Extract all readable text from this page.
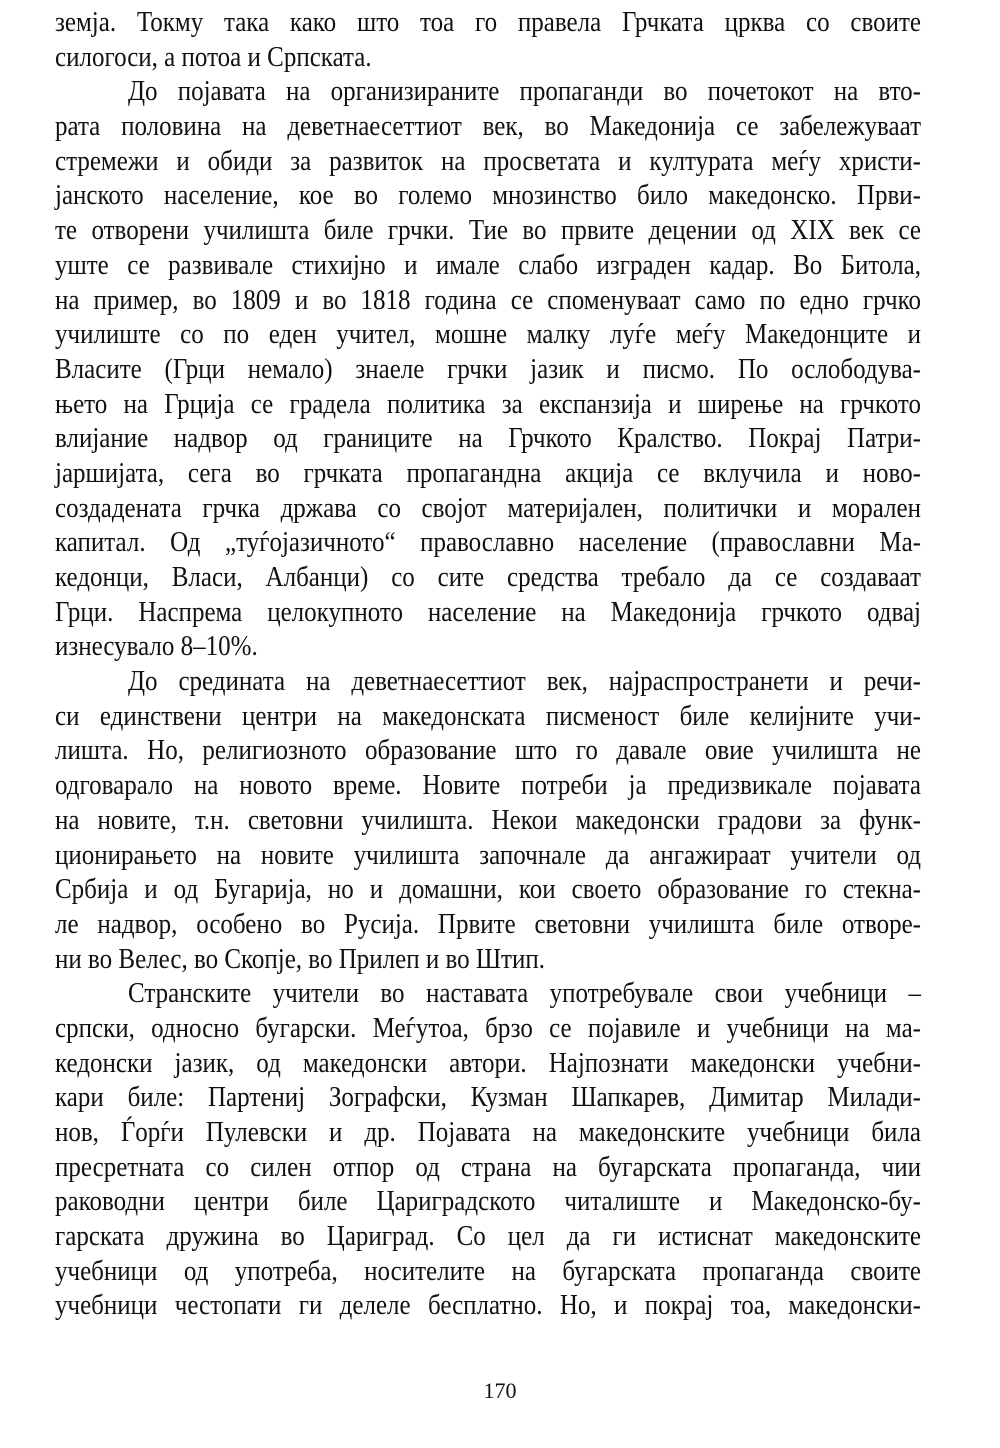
земја. Токму така како што тоа го правела Грчката црква со своите
силогоси, а потоа и Српската.
До појавата на организираните пропаганди во почетокот на вто-
рата половина на деветнаесеттиот век, во Македонија се забележуваат
стремежи и обиди за развиток на просветата и културата меѓу христи-
јанското население, кое во големо мнозинство било македонско. Први-
те отворени училишта биле грчки. Тие во првите децении од XIX век се
уште се развивале стихијно и имале слабо изграден кадар. Во Битола,
на пример, во 1809 и во 1818 година се споменуваат само по едно грчко
училиште со по еден учител, мошне малку луѓе меѓу Македонците и
Власите (Грци немало) знаеле грчки јазик и писмо. По ослободува-
њето на Грција се градела политика за експанзија и ширење на грчкото
влијание надвор од границите на Грчкото Кралство. Покрај Патри-
јаршијата, сега во грчката пропагандна акција се вклучила и ново-
создадената грчка држава со својот материјален, политички и морален
капитал. Од „туѓојазичното“ православно население (православни Ма-
кедонци, Власи, Албанци) со сите средства требало да се создаваат
Грци. Наспрема целокупното население на Македонија грчкото одвај
изнесувало 8–10%.
До средината на деветнаесеттиот век, најраспространети и речи-
си единствени центри на македонската писменост биле келијните учи-
лишта. Но, религиозното образование што го давале овие училишта не
одговарало на новото време. Новите потреби ја предизвикале појавата
на новите, т.н. световни училишта. Некои македонски градови за функ-
ционирањето на новите училишта започнале да ангажираат учители од
Србија и од Бугарија, но и домашни, кои своето образование го стекна-
ле надвор, особено во Русија. Првите световни училишта биле отворе-
ни во Велес, во Скопје, во Прилеп и во Штип.
Странските учители во наставата употребувале свои учебници –
српски, односно бугарски. Меѓутоа, брзо се појавиле и учебници на ма-
кедонски јазик, од македонски автори. Најпознати македонски учебни-
кари биле: Партениј Зографски, Кузман Шапкарев, Димитар Милади-
нов, Ѓорѓи Пулевски и др. Појавата на македонските учебници била
пресретната со силен отпор од страна на бугарската пропаганда, чии
раководни центри биле Цариградското читалиште и Македонско-бу-
гарската дружина во Цариград. Со цел да ги истиснат македонските
учебници од употреба, носителите на бугарската пропаганда своите
учебници честопати ги делеле бесплатно. Но, и покрај тоа, македонски-
170
